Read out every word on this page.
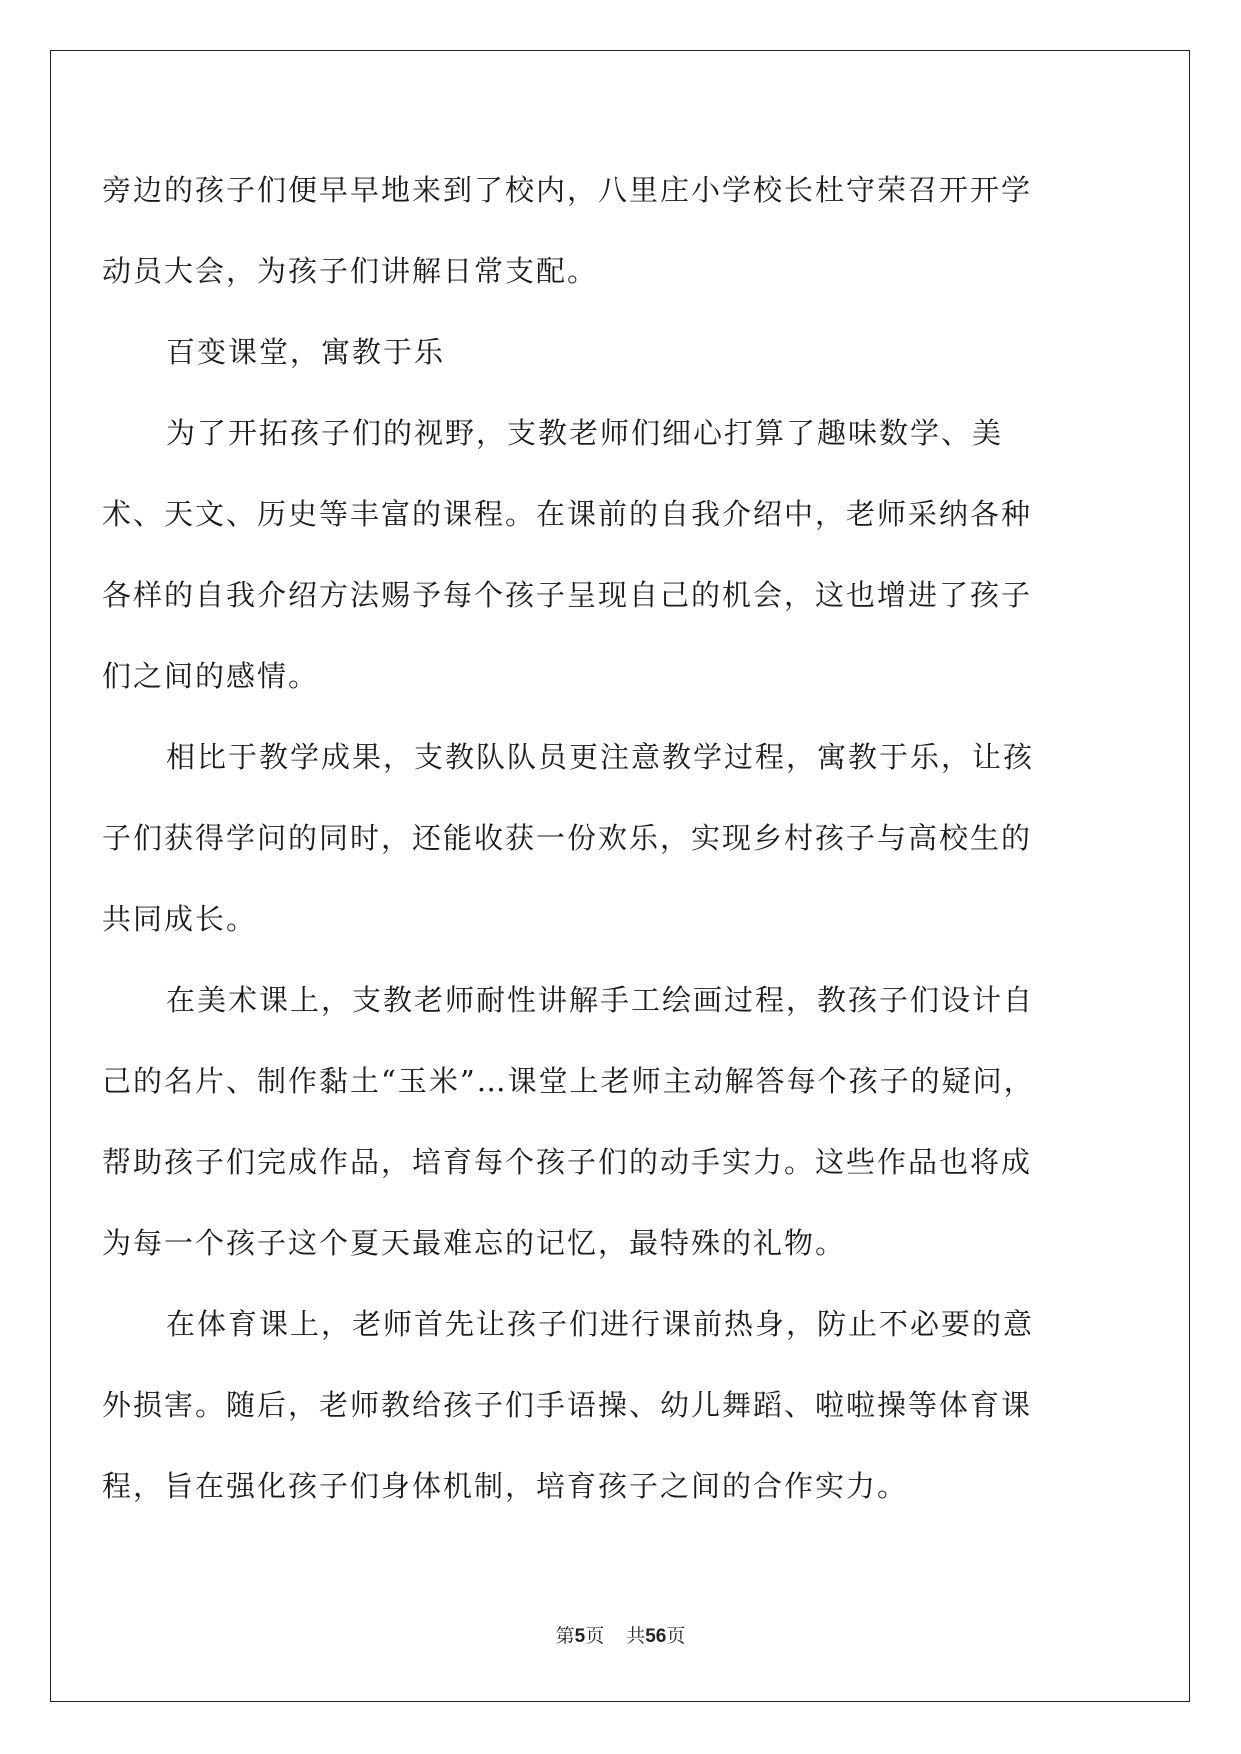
旁边的孩子们便早早地来到了校内，八里庄小学校长杜守荣召开开学动员大会，为孩子们讲解日常支配。

百变课堂，寓教于乐

为了开拓孩子们的视野，支教老师们细心打算了趣味数学、美术、天文、历史等丰富的课程。在课前的自我介绍中，老师采纳各种各样的自我介绍方法赐予每个孩子呈现自己的机会，这也增进了孩子们之间的感情。

相比于教学成果，支教队队员更注意教学过程，寓教于乐，让孩子们获得学问的同时，还能收获一份欢乐，实现乡村孩子与高校生的共同成长。

在美术课上，支教老师耐性讲解手工绘画过程，教孩子们设计自己的名片、制作黏土“玉米”…课堂上老师主动解答每个孩子的疑问，帮助孩子们完成作品，培育每个孩子们的动手实力。这些作品也将成为每一个孩子这个夏天最难忘的记忆，最特殊的礼物。

在体育课上，老师首先让孩子们进行课前热身，防止不必要的意外损害。随后，老师教给孩子们手语操、幼儿舞蹈、啦啦操等体育课程，旨在强化孩子们身体机制，培育孩子之间的合作实力。

第5页 共56页
